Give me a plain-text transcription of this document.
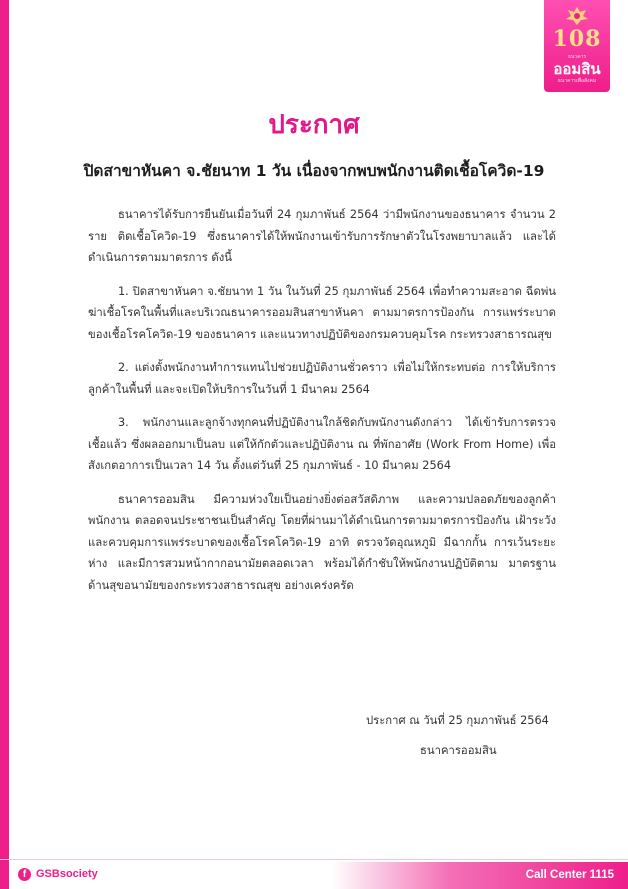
108
ธนาคาร
ออมสิน
ธนาคารเพื่อสังคม
ประกาศ
ปิดสาขาหันคา จ.ชัยนาท 1 วัน เนื่องจากพบพนักงานติดเชื้อโควิด-19

ธนาคารได้รับการยืนยันเมื่อวันที่ 24 กุมภาพันธ์ 2564 ว่ามีพนักงานของธนาคาร จำนวน 2 ราย ติดเชื้อโควิด-19 ซึ่งธนาคารได้ให้พนักงานเข้ารับการรักษาตัวในโรงพยาบาลแล้ว และได้ดำเนินการตามมาตรการ ดังนี้

1. ปิดสาขาหันคา จ.ชัยนาท 1 วัน ในวันที่ 25 กุมภาพันธ์ 2564 เพื่อทำความสะอาด ฉีดพ่นฆ่าเชื้อโรคในพื้นที่และบริเวณธนาคารออมสินสาขาหันคา ตามมาตรการป้องกัน การแพร่ระบาดของเชื้อโรคโควิด-19 ของธนาคาร และแนวทางปฏิบัติของกรมควบคุมโรค กระทรวงสาธารณสุข

2. แต่งตั้งพนักงานทำการแทนไปช่วยปฏิบัติงานชั่วคราว เพื่อไม่ให้กระทบต่อ การให้บริการลูกค้าในพื้นที่ และจะเปิดให้บริการในวันที่ 1 มีนาคม 2564

3. พนักงานและลูกจ้างทุกคนที่ปฏิบัติงานใกล้ชิดกับพนักงานดังกล่าว ได้เข้ารับการตรวจ เชื้อแล้ว ซึ่งผลออกมาเป็นลบ แต่ให้กักตัวและปฏิบัติงาน ณ ที่พักอาศัย (Work From Home) เพื่อ สังเกตอาการเป็นเวลา 14 วัน ตั้งแต่วันที่ 25 กุมภาพันธ์ - 10 มีนาคม 2564

ธนาคารออมสิน มีความห่วงใยเป็นอย่างยิ่งต่อสวัสดิภาพ และความปลอดภัยของลูกค้า พนักงาน ตลอดจนประชาชนเป็นสำคัญ โดยที่ผ่านมาได้ดำเนินการตามมาตรการป้องกัน เฝ้าระวัง และควบคุมการแพร่ระบาดของเชื้อโรคโควิด-19 อาทิ ตรวจวัดอุณหภูมิ มีฉากกั้น การเว้นระยะห่าง และมีการสวมหน้ากากอนามัยตลอดเวลา พร้อมได้กำชับให้พนักงานปฏิบัติตาม มาตรฐานด้านสุขอนามัยของกระทรวงสาธารณสุข อย่างเคร่งครัด

ประกาศ ณ วันที่ 25 กุมภาพันธ์ 2564
ธนาคารออมสิน
f GSBsociety	Call Center 1115
